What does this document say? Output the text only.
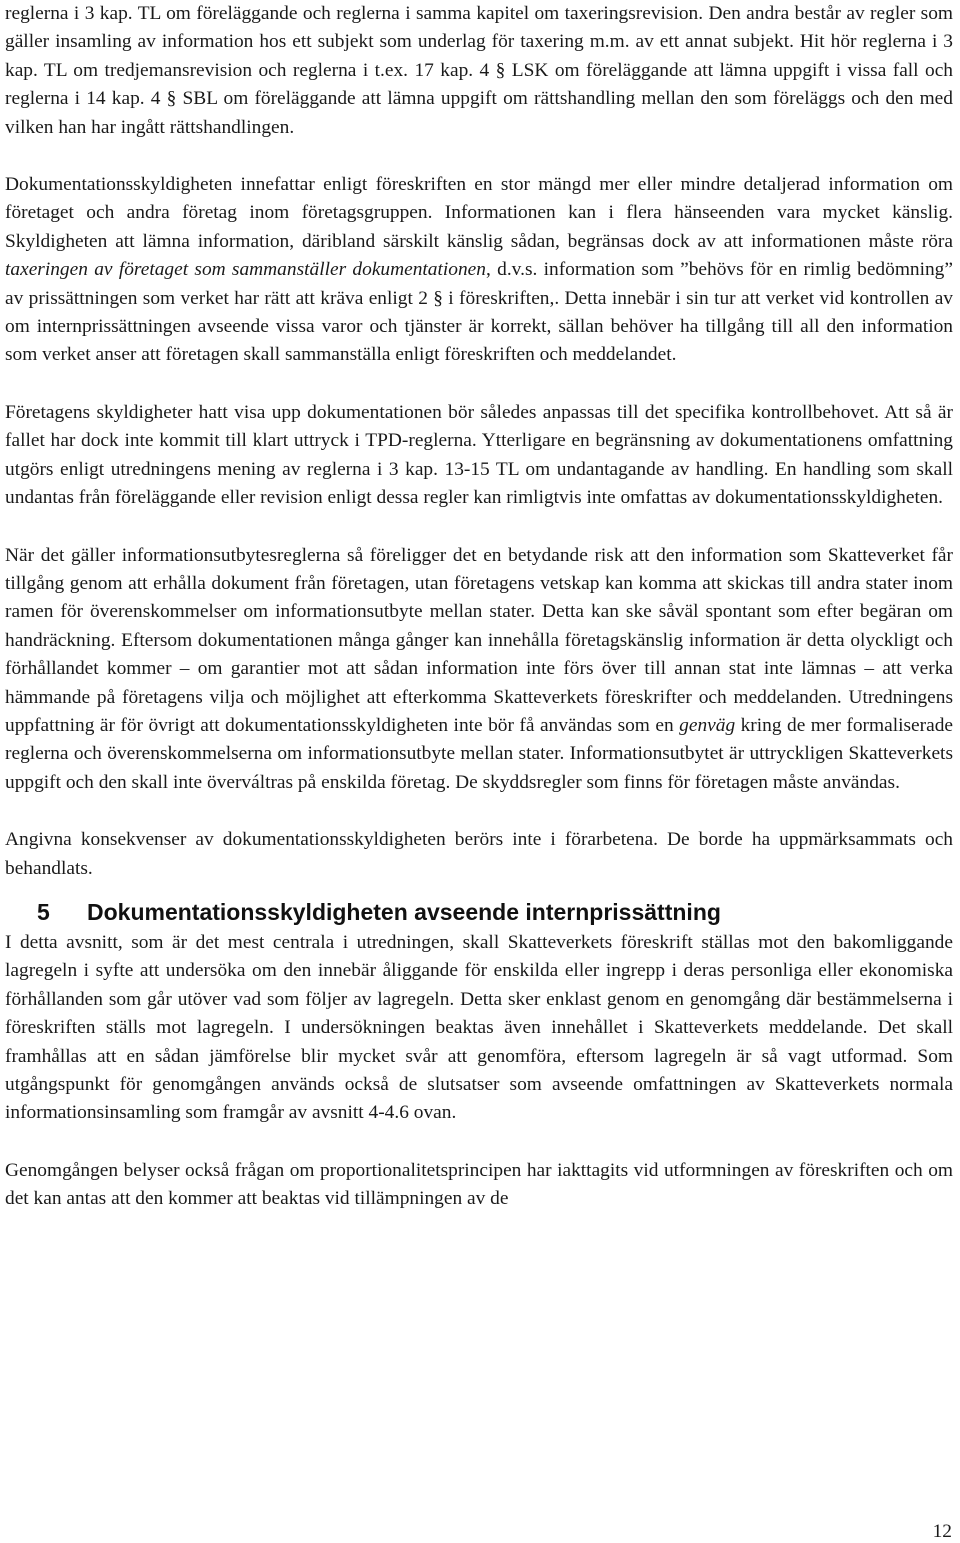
reglerna i 3 kap. TL om föreläggande och reglerna i samma kapitel om taxeringsrevision. Den andra består av regler som gäller insamling av information hos ett subjekt som underlag för taxering m.m. av ett annat subjekt. Hit hör reglerna i 3 kap. TL om tredjemansrevision och reglerna i t.ex. 17 kap. 4 § LSK om föreläggande att lämna uppgift i vissa fall och reglerna i 14 kap. 4 § SBL om föreläggande att lämna uppgift om rättshandling mellan den som föreläggs och den med vilken han har ingått rättshandlingen.

Dokumentationsskyldigheten innefattar enligt föreskriften en stor mängd mer eller mindre detaljerad information om företaget och andra företag inom företagsgruppen. Informationen kan i flera hänseenden vara mycket känslig. Skyldigheten att lämna information, däribland särskilt känslig sådan, begränsas dock av att informationen måste röra taxeringen av företaget som sammanställer dokumentationen, d.v.s. information som ”behövs för en rimlig bedömning” av prissättningen som verket har rätt att kräva enligt 2 § i föreskriften,. Detta innebär i sin tur att verket vid kontrollen av om internprissättningen avseende vissa varor och tjänster är korrekt, sällan behöver ha tillgång till all den information som verket anser att företagen skall sammanställa enligt föreskriften och meddelandet.

Företagens skyldigheter hatt visa upp dokumentationen bör således anpassas till det specifika kontrollbehovet. Att så är fallet har dock inte kommit till klart uttryck i TPD-reglerna. Ytterligare en begränsning av dokumentationens omfattning utgörs enligt utredningens mening av reglerna i 3 kap. 13-15 TL om undantagande av handling. En handling som skall undantas från föreläggande eller revision enligt dessa regler kan rimligtvis inte omfattas av dokumentationsskyldigheten.

När det gäller informationsutbytesreglerna så föreligger det en betydande risk att den information som Skatteverket får tillgång genom att erhålla dokument från företagen, utan företagens vetskap kan komma att skickas till andra stater inom ramen för överenskommelser om informationsutbyte mellan stater. Detta kan ske såväl spontant som efter begäran om handräckning. Eftersom dokumentationen många gånger kan innehålla företagskänslig information är detta olyckligt och förhållandet kommer – om garantier mot att sådan information inte förs över till annan stat inte lämnas – att verka hämmande på företagens vilja och möjlighet att efterkomma Skatteverkets föreskrifter och meddelanden. Utredningens uppfattning är för övrigt att dokumentationsskyldigheten inte bör få användas som en genväg kring de mer formaliserade reglerna och överenskommelserna om informationsutbyte mellan stater. Informationsutbytet är uttryckligen Skatteverkets uppgift och den skall inte överváltras på enskilda företag. De skyddsregler som finns för företagen måste användas.

Angivna konsekvenser av dokumentationsskyldigheten berörs inte i förarbetena. De borde ha uppmärksammats och behandlats.

5 Dokumentationsskyldigheten avseende internprissättning

I detta avsnitt, som är det mest centrala i utredningen, skall Skatteverkets föreskrift ställas mot den bakomliggande lagregeln i syfte att undersöka om den innebär åliggande för enskilda eller ingrepp i deras personliga eller ekonomiska förhållanden som går utöver vad som följer av lagregeln. Detta sker enklast genom en genomgång där bestämmelserna i föreskriften ställs mot lagregeln. I undersökningen beaktas även innehållet i Skatteverkets meddelande. Det skall framhållas att en sådan jämförelse blir mycket svår att genomföra, eftersom lagregeln är så vagt utformad. Som utgångspunkt för genomgången används också de slutsatser som avseende omfattningen av Skatteverkets normala informationsinsamling som framgår av avsnitt 4-4.6 ovan.

Genomgången belyser också frågan om proportionalitetsprincipen har iakttagits vid utformningen av föreskriften och om det kan antas att den kommer att beaktas vid tillämpningen av de

12
